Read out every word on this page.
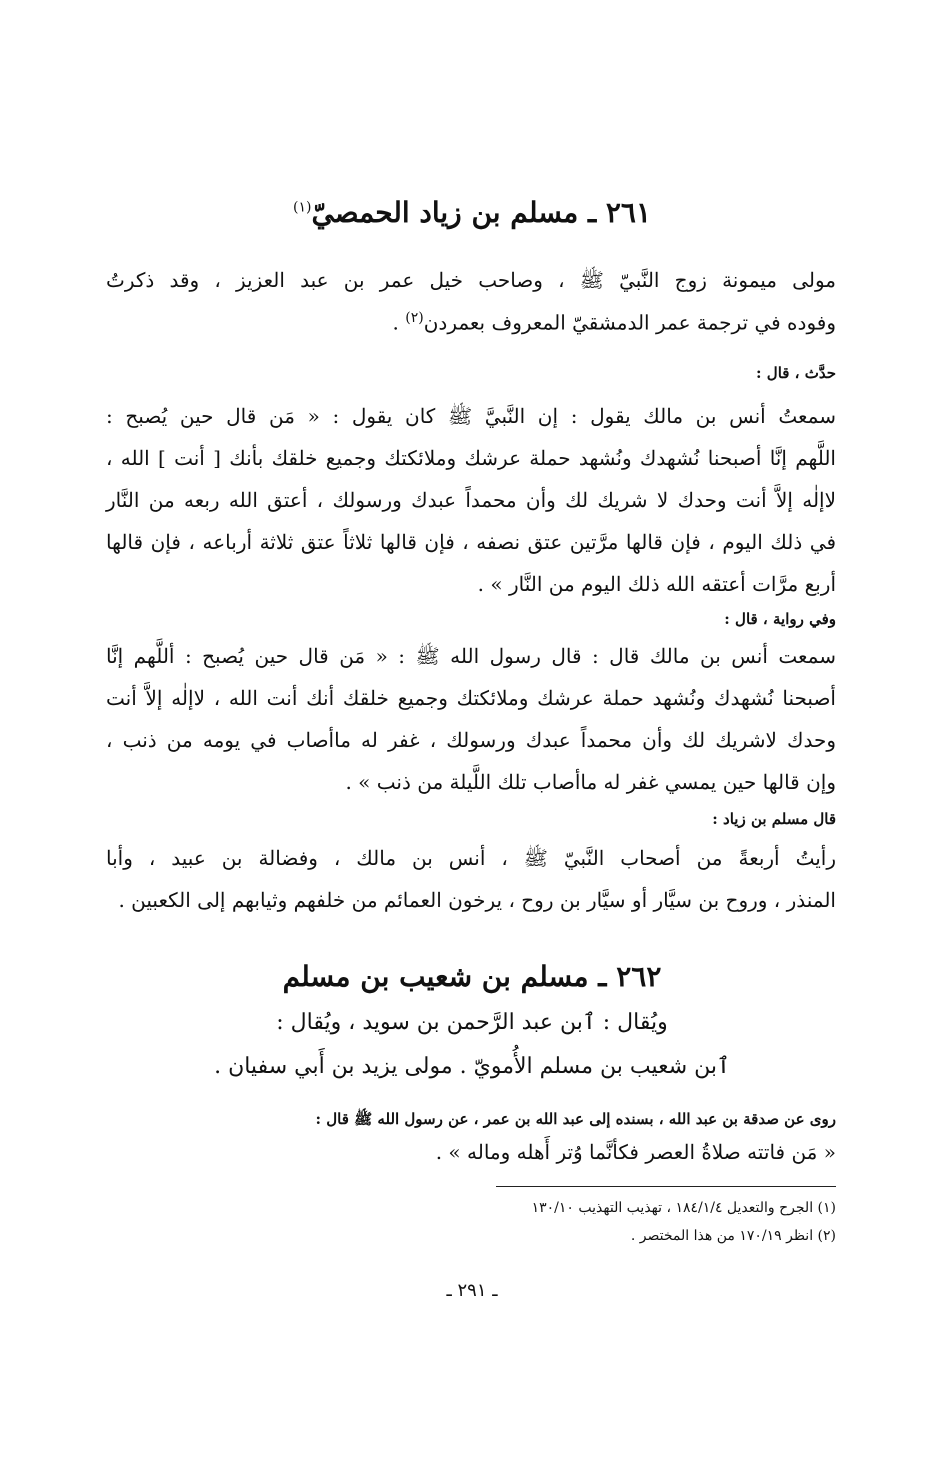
٢٦١ ـ مسلم بن زياد الحمصيّ$^{(١)}$
مولى ميمونة زوج النَّبيّ ﷺ ، وصاحب خيل عمر بن عبد العزيز ، وقد ذكرتُ
وفوده في ترجمة عمر الدمشقيّ المعروف بعمردن$^{(٢)}$ .
حدَّث ، قال :
سمعتُ أنس بن مالك يقول : إن النَّبيَّ ﷺ كان يقول : « مَن قال حين يُصبح :
اللَّهم إنَّا أصبحنا نُشهدك ونُشهد حملة عرشك وملائكتك وجميع خلقك بأنك [ أنت ] الله ،
لاإلٰه إلاَّ أنت وحدك لا شريك لك وأن محمداً عبدك ورسولك ، أعتق الله ربعه من النَّار
في ذلك اليوم ، فإن قالها مرَّتين عتق نصفه ، فإن قالها ثلاثاً عتق ثلاثة أرباعه ، فإن قالها
أربع مرَّات أعتقه الله ذلك اليوم من النَّار » .
وفي رواية ، قال :
سمعت أنس بن مالك قال : قال رسول الله ﷺ : « مَن قال حين يُصبح : أللَّهم إنَّا
أصبحنا نُشهدك ونُشهد حملة عرشك وملائكتك وجميع خلقك أنك أنت الله ، لاإلٰه إلاَّ أنت
وحدك لاشريك لك وأن محمداً عبدك ورسولك ، غفر له ماأصاب في يومه من ذنب ،
وإن قالها حين يمسي غفر له ماأصاب تلك اللَّيلة من ذنب » .
قال مسلم بن زياد :
رأيتُ أربعةً من أصحاب النَّبيّ ﷺ ، أنس بن مالك ، وفضالة بن عبيد ، وأبا
المنذر ، وروح بن سيَّار أو سيَّار بن روح ، يرخون العمائم من خلفهم وثيابهم إلى الكعبين .
٢٦٢ ـ مسلم بن شعيب بن مسلم
ويُقال : ٱبن عبد الرَّحمن بن سويد ، ويُقال :
ٱبن شعيب بن مسلم الأُمويّ . مولى يزيد بن أَبي سفيان .
روى عن صدقة بن عبد الله ، بسنده إلى عبد الله بن عمر ، عن رسول الله ﷺ قال :
« مَن فاتته صلاةُ العصر فكأنَّما وُتر أَهله وماله » .
(١) الجرح والتعديل ١٨٤/١/٤ ، تهذيب التهذيب ١٣٠/١٠
(٢) انظر ١٧٠/١٩ من هذا المختصر .
ـ ٢٩١ ـ
